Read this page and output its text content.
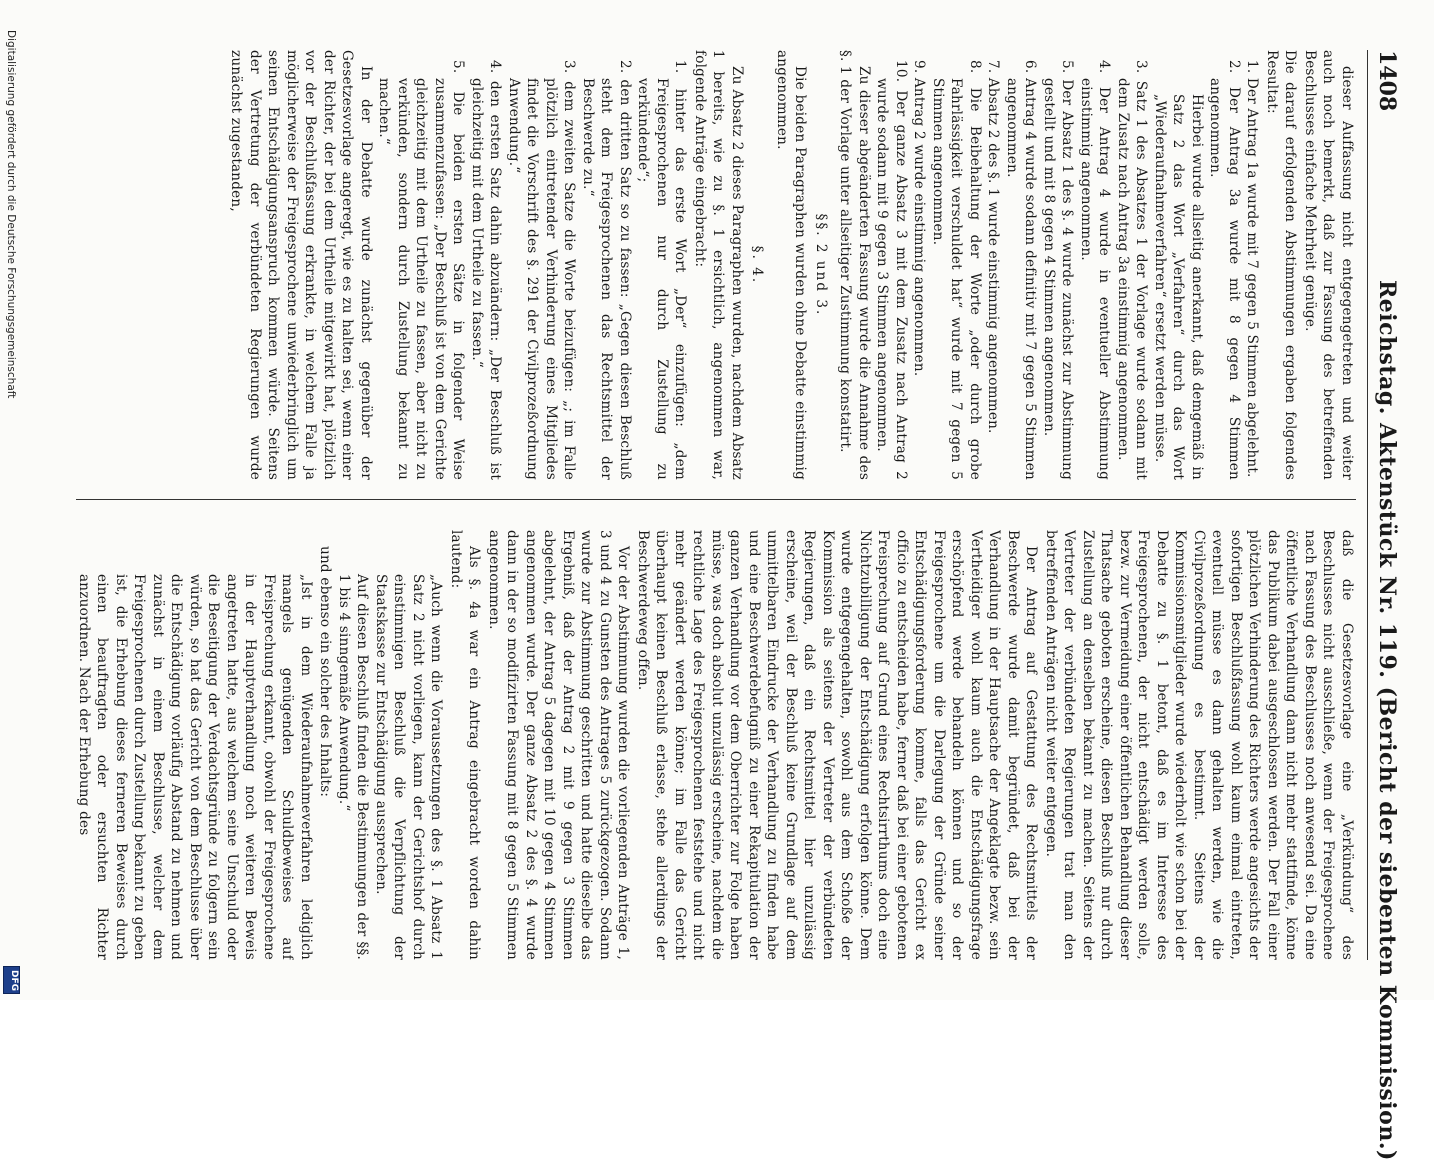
1408
Reichstag. Aktenstück Nr. 119. (Bericht der siebenten Kommission.)

dieser Auffassung nicht entgegengetreten und weiter auch noch bemerkt, daß zur Fassung des betreffenden Beschlusses einfache Mehrheit genüge.

Die darauf erfolgenden Abstimmungen ergaben folgendes Resultat:

1. Der Antrag 1a wurde mit 7 gegen 5 Stimmen abgelehnt.

2. Der Antrag 3a wurde mit 8 gegen 4 Stimmen angenommen.

Hierbei wurde allseitig anerkannt, daß demgemäß in Satz 2 das Wort „Verfahren“ durch das Wort „Wiederaufnahmeverfahren“ ersetzt werden müsse.

3. Satz 1 des Absatzes 1 der Vorlage wurde sodann mit dem Zusatz nach Antrag 3a einstimmig angenommen.

4. Der Antrag 4 wurde in eventueller Abstimmung einstimmig angenommen.

5. Der Absatz 1 des §. 4 wurde zunächst zur Abstimmung gestellt und mit 8 gegen 4 Stimmen angenommen.

6. Antrag 4 wurde sodann definitiv mit 7 gegen 5 Stimmen angenommen.

7. Absatz 2 des §. 1 wurde einstimmig angenommen.

8. Die Beibehaltung der Worte „oder durch grobe Fahrlässigkeit verschuldet hat“ wurde mit 7 gegen 5 Stimmen angenommen.

9. Antrag 2 wurde einstimmig angenommen.

10. Der ganze Absatz 3 mit dem Zusatz nach Antrag 2 wurde sodann mit 9 gegen 3 Stimmen angenommen.

Zu dieser abgeänderten Fassung wurde die Annahme des §. 1 der Vorlage unter allseitiger Zustimmung konstatirt.

§§. 2 und 3.

Die beiden Paragraphen wurden ohne Debatte einstimmig angenommen.

§. 4.

Zu Absatz 2 dieses Paragraphen wurden, nachdem Absatz 1 bereits, wie zu §. 1 ersichtlich, angenommen war, folgende Anträge eingebracht:

1. hinter das erste Wort „Der“ einzufügen: „dem Freigesprochenen nur durch Zustellung zu verkündende“;

2. den dritten Satz so zu fassen: „Gegen diesen Beschluß steht dem Freigesprochenen das Rechtsmittel der Beschwerde zu.“

3. dem zweiten Satze die Worte beizufügen: „; im Falle plötzlich eintretender Verhinderung eines Mitgliedes findet die Vorschrift des §. 291 der Civilprozeßordnung Anwendung.“

4. den ersten Satz dahin abzuändern: „Der Beschluß ist gleichzeitig mit dem Urtheile zu fassen.“

5. Die beiden ersten Sätze in folgender Weise zusammenzufassen: „Der Beschluß ist von dem Gerichte gleichzeitig mit dem Urtheile zu fassen, aber nicht zu verkünden, sondern durch Zustellung bekannt zu machen.“

In der Debatte wurde zunächst gegenüber der Gesetzesvorlage angeregt, wie es zu halten sei, wenn einer der Richter, der bei dem Urtheile mitgewirkt hat, plötzlich vor der Beschlußfassung erkrankte, in welchem Falle ja möglicherweise der Freigesprochene unwiederbringlich um seinen Entschädigungsanspruch kommen würde. Seitens der Vertretung der verbündeten Regierungen wurde zunächst zugestanden,

daß die Gesetzesvorlage eine „Verkündung“ des Beschlusses nicht ausschließe, wenn der Freigesprochene nach Fassung des Beschlusses noch anwesend sei. Da eine öffentliche Verhandlung dann nicht mehr stattfinde, könne das Publikum dabei ausgeschlossen werden. Der Fall einer plötzlichen Verhinderung des Richters werde angesichts der sofortigen Beschlußfassung wohl kaum einmal eintreten, eventuell müsse es dann gehalten werden, wie die Civilprozeßordnung es bestimmt. Seitens der Kommissionsmitglieder wurde wiederholt wie schon bei der Debatte zu §. 1 betont, daß es im Interesse des Freigesprochenen, der nicht entschädigt werden solle, bezw. zur Vermeidung einer öffentlichen Behandlung dieser Thatsache geboten erscheine, diesen Beschluß nur durch Zustellung an denselben bekannt zu machen. Seitens der Vertreter der verbündeten Regierungen trat man den betreffenden Anträgen nicht weiter entgegen.

Der Antrag auf Gestattung des Rechtsmittels der Beschwerde wurde damit begründet, daß bei der Verhandlung in der Hauptsache der Angeklagte bezw. sein Vertheidiger wohl kaum auch die Entschädigungsfrage erschöpfend werde behandeln können und so der Freigesprochene um die Darlegung der Gründe seiner Entschädigungsforderung komme, falls das Gericht ex officio zu entscheiden habe, ferner daß bei einer gebotenen Freisprechung auf Grund eines Rechtsirrthums doch eine Nichtzubilligung der Entschädigung erfolgen könne. Dem wurde entgegengehalten, sowohl aus dem Schoße der Kommission als seitens der Vertreter der verbündeten Regierungen, daß ein Rechtsmittel hier unzulässig erscheine, weil der Beschluß keine Grundlage auf dem unmittelbaren Eindrucke der Verhandlung zu finden habe und eine Beschwerdebefugniß zu einer Rekapitulation der ganzen Verhandlung vor dem Oberrichter zur Folge haben müsse, was doch absolut unzulässig erscheine, nachdem die rechtliche Lage des Freigesprochenen feststehe und nicht mehr geändert werden könne; im Falle das Gericht überhaupt keinen Beschluß erlasse, stehe allerdings der Beschwerdeweg offen.

Vor der Abstimmung wurden die vorliegenden Anträge 1, 3 und 4 zu Gunsten des Antrages 5 zurückgezogen. Sodann wurde zur Abstimmung geschritten und hatte dieselbe das Ergebniß, daß der Antrag 2 mit 9 gegen 3 Stimmen abgelehnt, der Antrag 5 dagegen mit 10 gegen 4 Stimmen angenommen wurde. Der ganze Absatz 2 des §. 4 wurde dann in der so modifizirten Fassung mit 8 gegen 5 Stimmen angenommen.

Als §. 4a war ein Antrag eingebracht worden dahin lautend:

„Auch wenn die Voraussetzungen des §. 1 Absatz 1 Satz 2 nicht vorliegen, kann der Gerichtshof durch einstimmigen Beschluß die Verpflichtung der Staatskasse zur Entschädigung aussprechen.

Auf diesen Beschluß finden die Bestimmungen der §§. 1 bis 4 sinngemäße Anwendung.“

und ebenso ein solcher des Inhalts:

„Ist in dem Wiederaufnahmeverfahren lediglich mangels genügenden Schuldbeweises auf Freisprechung erkannt, obwohl der Freigesprochene in der Hauptverhandlung noch weiteren Beweis angetreten hatte, aus welchem seine Unschuld oder die Beseitigung der Verdachtsgründe zu folgern sein würden, so hat das Gericht von dem Beschlusse über die Entschädigung vorläufig Abstand zu nehmen und zunächst in einem Beschlusse, welcher dem Freigesprochenen durch Zustellung bekannt zu geben ist, die Erhebung dieses ferneren Beweises durch einen beauftragten oder ersuchten Richter anzuordnen. Nach der Erhebung des

Digitalisierung gefördert durch die Deutsche Forschungsgemeinschaft
DFG
